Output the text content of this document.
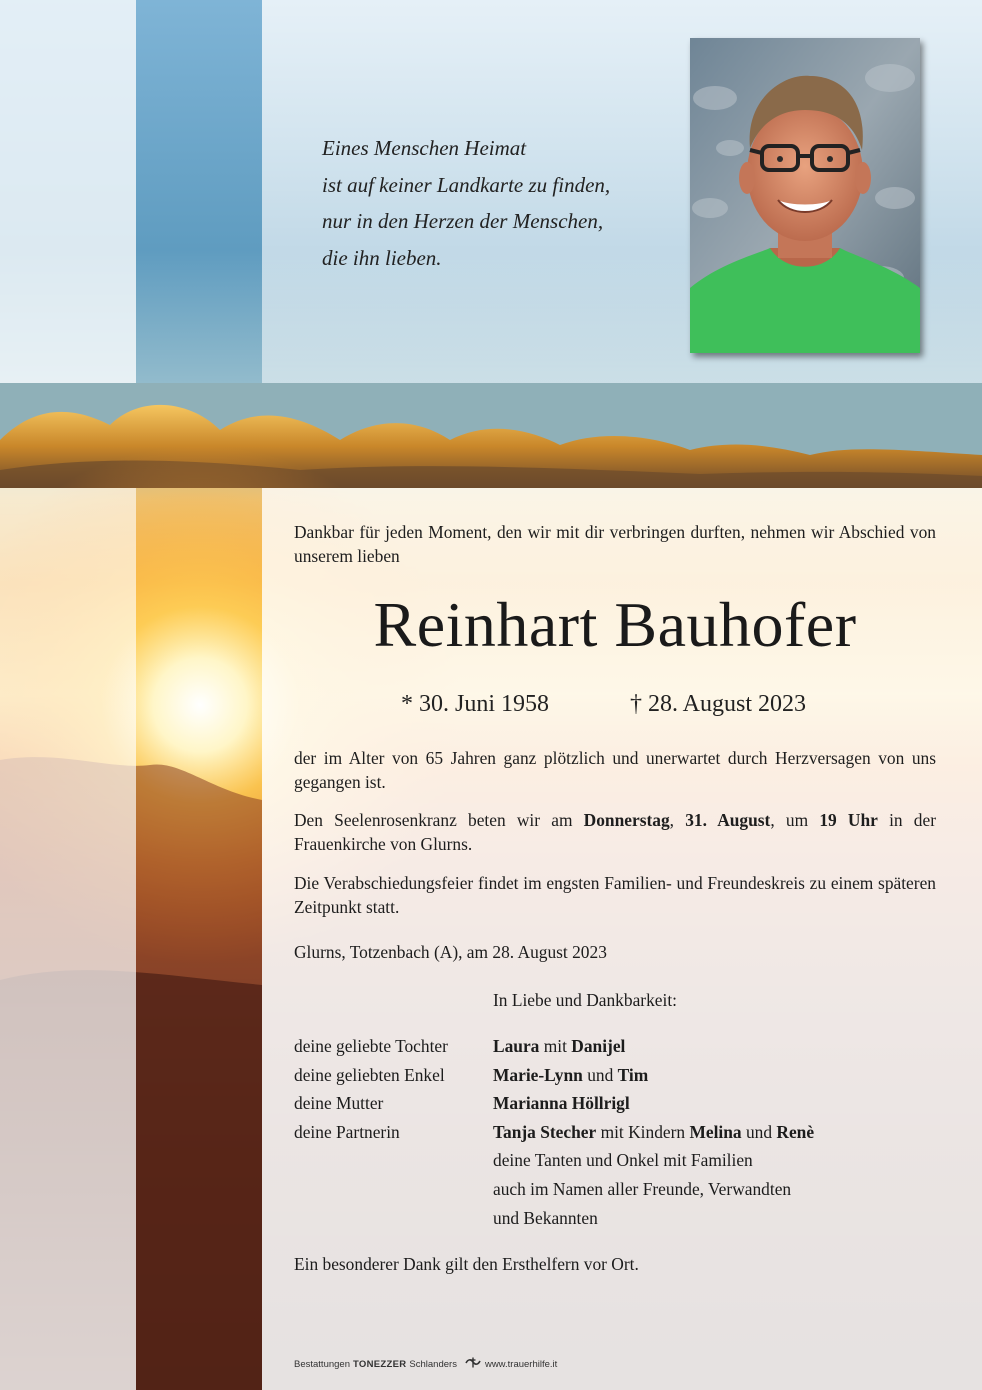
Eines Menschen Heimat
ist auf keiner Landkarte zu finden,
nur in den Herzen der Menschen,
die ihn lieben.
Dankbar für jeden Moment, den wir mit dir verbringen durften, nehmen wir Abschied von unserem lieben
Reinhart Bauhofer
* 30. Juni 1958	† 28. August 2023
der im Alter von 65 Jahren ganz plötzlich und unerwartet durch Herzversagen von uns gegangen ist.
Den Seelenrosenkranz beten wir am Donnerstag, 31. August, um 19 Uhr in der Frauenkirche von Glurns.
Die Verabschiedungsfeier findet im engsten Familien- und Freundeskreis zu einem späteren Zeitpunkt statt.
Glurns, Totzenbach (A), am 28. August 2023
In Liebe und Dankbarkeit:
deine geliebte Tochter	Laura mit Danijel
deine geliebten Enkel	Marie-Lynn und Tim
deine Mutter	Marianna Höllrigl
deine Partnerin	Tanja Stecher mit Kindern Melina und Renè
deine Tanten und Onkel mit Familien
auch im Namen aller Freunde, Verwandten
und Bekannten
Ein besonderer Dank gilt den Ersthelfern vor Ort.
Bestattungen TONEZZER Schlanders	www.trauerhilfe.it
